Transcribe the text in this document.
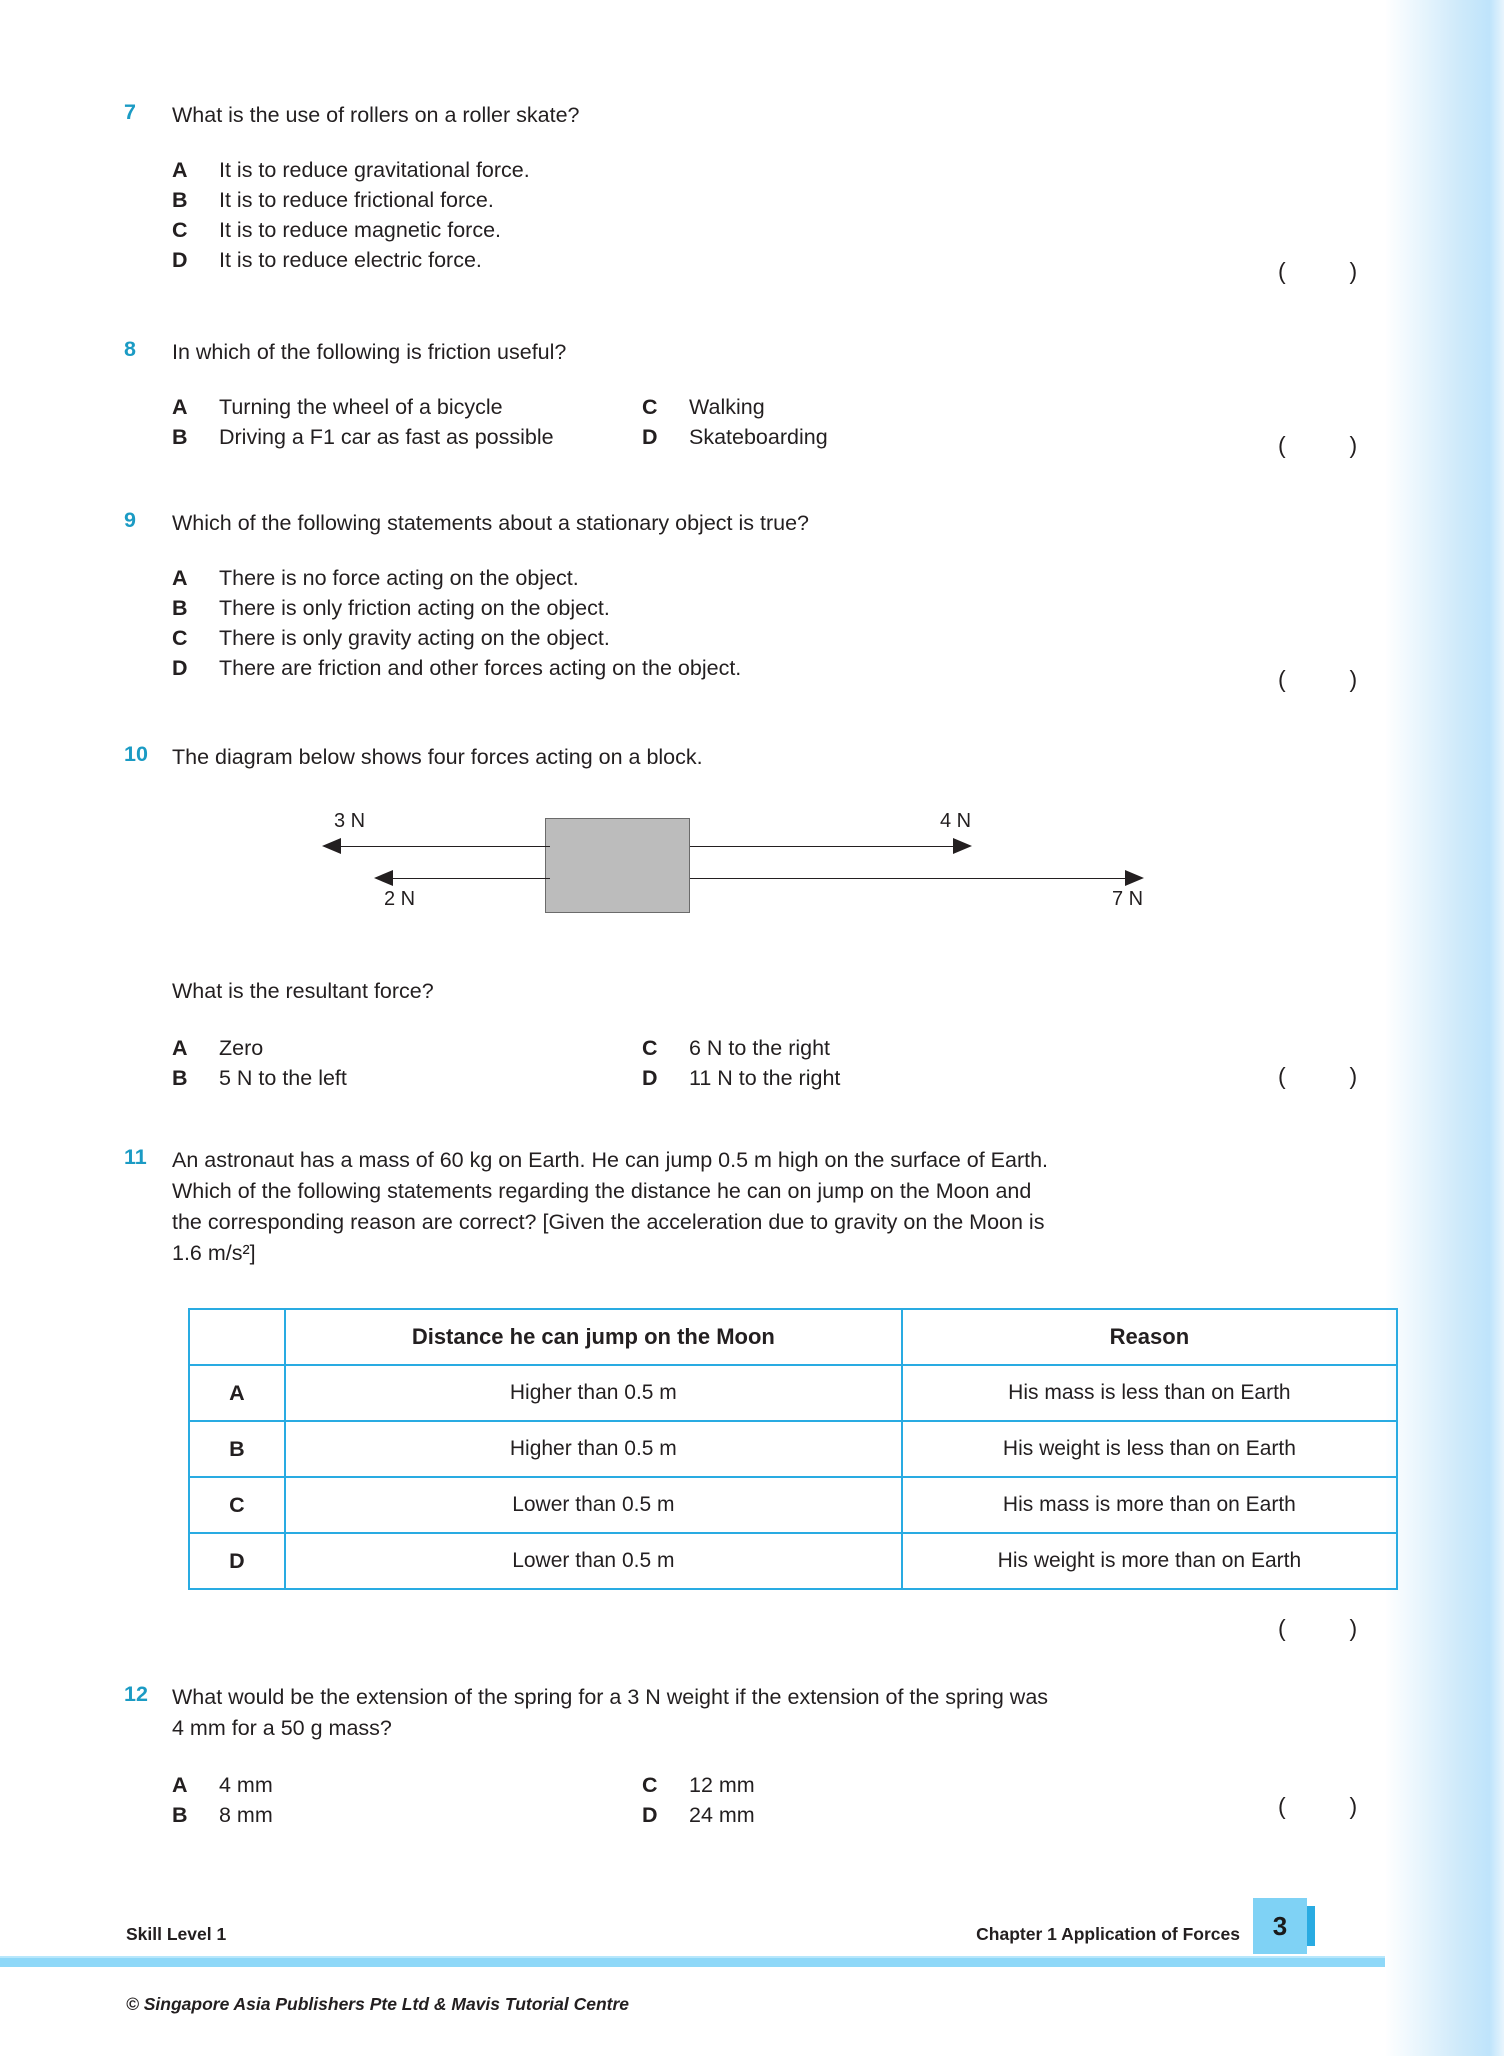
7	What is the use of rollers on a roller skate?
A	It is to reduce gravitational force.
B	It is to reduce frictional force.
C	It is to reduce magnetic force.
D	It is to reduce electric force.	(          )
8	In which of the following is friction useful?
A	Turning the wheel of a bicycle	C	Walking
B	Driving a F1 car as fast as possible	D	Skateboarding	(          )
9	Which of the following statements about a stationary object is true?
A	There is no force acting on the object.
B	There is only friction acting on the object.
C	There is only gravity acting on the object.
D	There are friction and other forces acting on the object.	(          )
10	The diagram below shows four forces acting on a block.
3 N
2 N
4 N
7 N
What is the resultant force?
A	Zero	C	6 N to the right
B	5 N to the left	D	11 N to the right	(          )
11	An astronaut has a mass of 60 kg on Earth. He can jump 0.5 m high on the surface of Earth.
Which of the following statements regarding the distance he can on jump on the Moon and
the corresponding reason are correct? [Given the acceleration due to gravity on the Moon is
1.6 m/s²]
	Distance he can jump on the Moon	Reason
A	Higher than 0.5 m	His mass is less than on Earth
B	Higher than 0.5 m	His weight is less than on Earth
C	Lower than 0.5 m	His mass is more than on Earth
D	Lower than 0.5 m	His weight is more than on Earth
(          )
12	What would be the extension of the spring for a 3 N weight if the extension of the spring was
4 mm for a 50 g mass?
A	4 mm	C	12 mm
B	8 mm	D	24 mm	(          )
Skill Level 1	Chapter 1 Application of Forces	3
© Singapore Asia Publishers Pte Ltd & Mavis Tutorial Centre
